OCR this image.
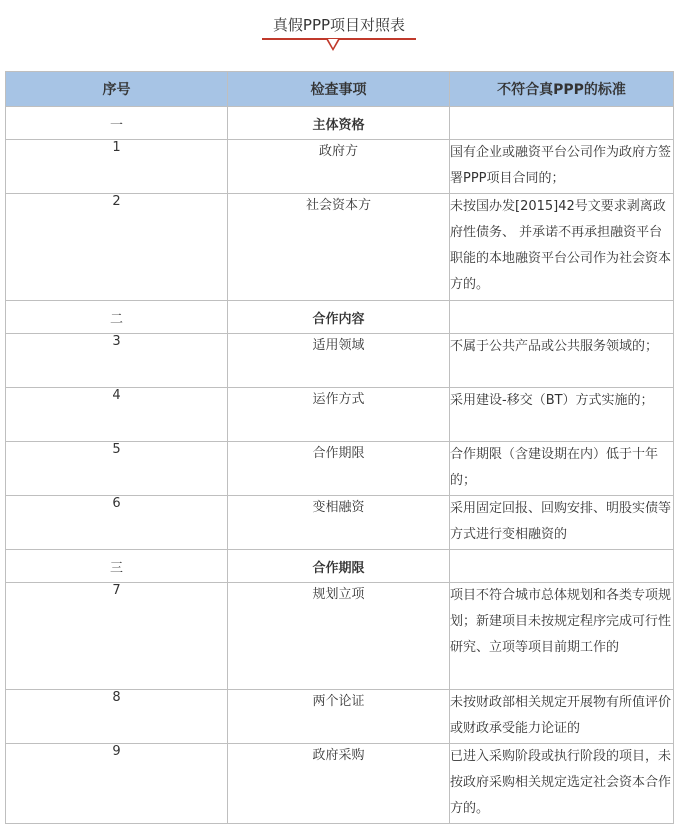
真假PPP项目对照表
序号	检查事项	不符合真PPP的标准
一	主体资格	
1	政府方	国有企业或融资平台公司作为政府方签署PPP项目合同的；
2	社会资本方	未按国办发[2015]42号文要求剥离政府性债务、 并承诺不再承担融资平台职能的本地融资平台公司作为社会资本方的。
二	合作内容	
3	适用领域	不属于公共产品或公共服务领域的；
4	运作方式	采用建设-移交（BT）方式实施的；
5	合作期限	合作期限（含建设期在内）低于十年的；
6	变相融资	采用固定回报、回购安排、明股实债等方式进行变相融资的
三	合作期限	
7	规划立项	项目不符合城市总体规划和各类专项规划；新建项目未按规定程序完成可行性研究、立项等项目前期工作的
8	两个论证	未按财政部相关规定开展物有所值评价或财政承受能力论证的
9	政府采购	已进入采购阶段或执行阶段的项目，未按政府采购相关规定选定社会资本合作方的。
